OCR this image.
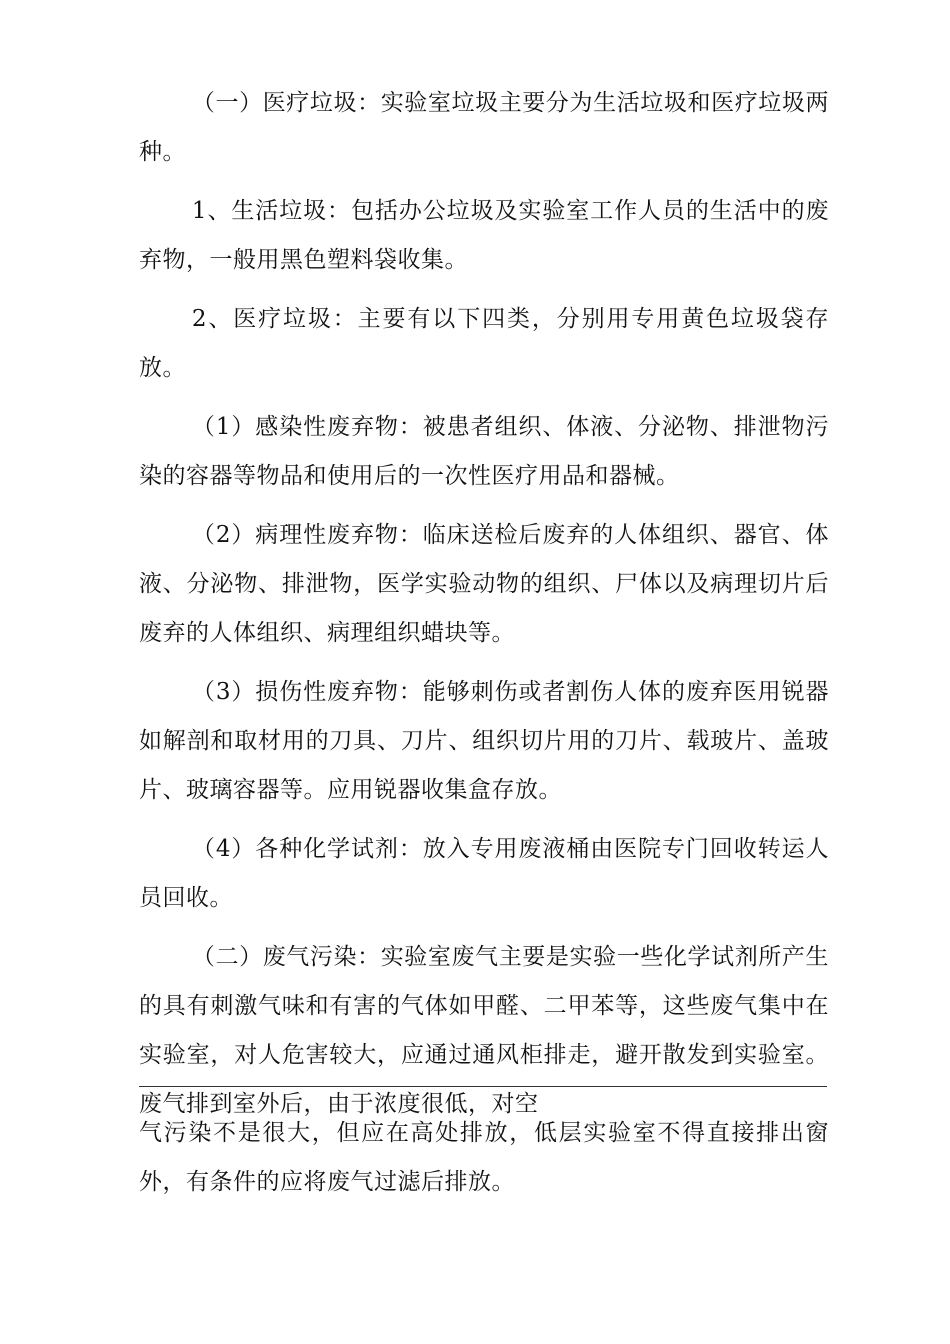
（一）医疗垃圾：实验室垃圾主要分为生活垃圾和医疗垃圾两种。

1、生活垃圾：包括办公垃圾及实验室工作人员的生活中的废弃物，一般用黑色塑料袋收集。

2、医疗垃圾：主要有以下四类，分别用专用黄色垃圾袋存放。

（1）感染性废弃物：被患者组织、体液、分泌物、排泄物污染的容器等物品和使用后的一次性医疗用品和器械。

（2）病理性废弃物：临床送检后废弃的人体组织、器官、体液、分泌物、排泄物，医学实验动物的组织、尸体以及病理切片后废弃的人体组织、病理组织蜡块等。

（3）损伤性废弃物：能够刺伤或者割伤人体的废弃医用锐器如解剖和取材用的刀具、刀片、组织切片用的刀片、载玻片、盖玻片、玻璃容器等。应用锐器收集盒存放。

（4）各种化学试剂：放入专用废液桶由医院专门回收转运人员回收。

（二）废气污染：实验室废气主要是实验一些化学试剂所产生的具有刺激气味和有害的气体如甲醛、二甲苯等，这些废气集中在实验室，对人危害较大，应通过通风柜排走，避开散发到实验室。废气排到室外后，由于浓度很低，对空

气污染不是很大，但应在高处排放，低层实验室不得直接排出窗外，有条件的应将废气过滤后排放。
